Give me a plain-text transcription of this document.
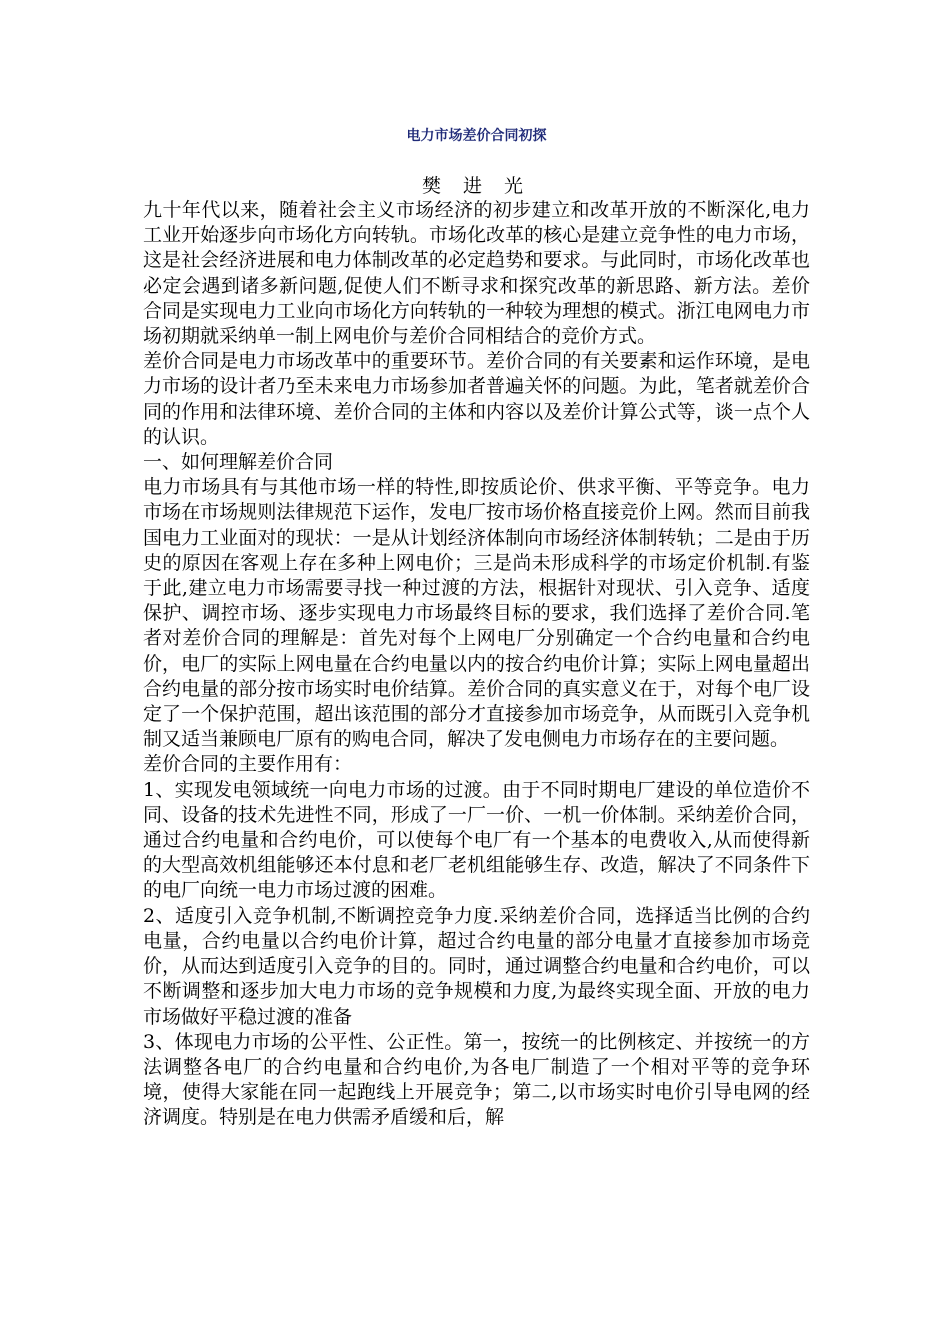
电力市场差价合同初探

樊 进 光

九十年代以来，随着社会主义市场经济的初步建立和改革开放的不断深化,电力工业开始逐步向市场化方向转轨。市场化改革的核心是建立竞争性的电力市场，这是社会经济进展和电力体制改革的必定趋势和要求。与此同时，市场化改革也必定会遇到诸多新问题,促使人们不断寻求和探究改革的新思路、新方法。差价合同是实现电力工业向市场化方向转轨的一种较为理想的模式。浙江电网电力市场初期就采纳单一制上网电价与差价合同相结合的竞价方式。

差价合同是电力市场改革中的重要环节。差价合同的有关要素和运作环境，是电力市场的设计者乃至未来电力市场参加者普遍关怀的问题。为此，笔者就差价合同的作用和法律环境、差价合同的主体和内容以及差价计算公式等，谈一点个人的认识。

一、如何理解差价合同

电力市场具有与其他市场一样的特性,即按质论价、供求平衡、平等竞争。电力市场在市场规则法律规范下运作，发电厂按市场价格直接竞价上网。然而目前我国电力工业面对的现状：一是从计划经济体制向市场经济体制转轨；二是由于历史的原因在客观上存在多种上网电价；三是尚未形成科学的市场定价机制.有鉴于此,建立电力市场需要寻找一种过渡的方法，根据针对现状、引入竞争、适度保护、调控市场、逐步实现电力市场最终目标的要求，我们选择了差价合同.笔者对差价合同的理解是：首先对每个上网电厂分别确定一个合约电量和合约电价，电厂的实际上网电量在合约电量以内的按合约电价计算；实际上网电量超出合约电量的部分按市场实时电价结算。差价合同的真实意义在于，对每个电厂设定了一个保护范围，超出该范围的部分才直接参加市场竞争，从而既引入竞争机制又适当兼顾电厂原有的购电合同，解决了发电侧电力市场存在的主要问题。

差价合同的主要作用有：

1、实现发电领域统一向电力市场的过渡。由于不同时期电厂建设的单位造价不同、设备的技术先进性不同，形成了一厂一价、一机一价体制。采纳差价合同，通过合约电量和合约电价，可以使每个电厂有一个基本的电费收入,从而使得新的大型高效机组能够还本付息和老厂老机组能够生存、改造，解决了不同条件下的电厂向统一电力市场过渡的困难。

2、适度引入竞争机制,不断调控竞争力度.采纳差价合同，选择适当比例的合约电量，合约电量以合约电价计算，超过合约电量的部分电量才直接参加市场竞价，从而达到适度引入竞争的目的。同时，通过调整合约电量和合约电价，可以不断调整和逐步加大电力市场的竞争规模和力度,为最终实现全面、开放的电力市场做好平稳过渡的准备

3、体现电力市场的公平性、公正性。第一，按统一的比例核定、并按统一的方法调整各电厂的合约电量和合约电价,为各电厂制造了一个相对平等的竞争环境，使得大家能在同一起跑线上开展竞争；第二,以市场实时电价引导电网的经济调度。特别是在电力供需矛盾缓和后，解
